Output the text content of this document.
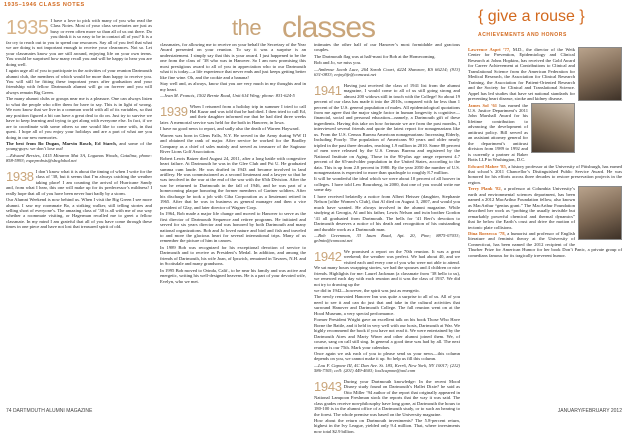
1935–1946 CLASS NOTES
the classes
1935 I have a love to pick with many of you who read the Class Notes. Most of your class secretaries are just as busy or even often more so than all of us out there. Do you think it is so easy to be in contact all of you? It is a far cry to reach out to you to spend our resources. Say all of you feel that what we are doing is not important enough to receive your clearances. Not so. Let your classmates know you are still around, enjoying life on your own terms. You would be surprised how many recall you and will be happy to hear you are doing well.
I again urge all of you to participate in the activities of your reunion Dartmouth alumni club, the members of which would be more than happy to receive you. You will still be fitting these important years after graduation and your friendship with fellow Dartmouth alumni will go on forever and you will always remain Big Green.
The many alumni clubs or groups near me is a pleasure. One can always listen to what the people who offer them for have to say. This is in light of wrong. We now know that we live in a common world with all of its variables, so that any position figured a bit can have a great deal to do on. Just try to survive we have to keep learning and trying to get along with everyone else. In fact, if we are to coordinate with some others so one would like to come with, in that quest. I hope all of you enjoy your holidays and are a part of what are you doing in our new memories.
The best from Bo Dugan, Marvin Rosch, Ed Starch, and some of the young-guys: we don’t lose out!
—Edward Bersies, 1415 Minaron Mat 3A, Loganas Woods, Catalina, phone: 858-5993; espeprobsis@sbcglobal.net
1938 I don’t know what it is about the timing of when I write for the class of ’38, but it seems that I’m always catching the weather taking place! I am counting the arrival of Hurricane Sandy and, from what I hear, this one will make up for its predecessor’s mildness! I really hope that all of you have been never hurt badly by a storm.
Our Alumni Weekend is now behind us. When I visit the Big Green I see more alumni. I saw my roommate Bo, a striking walker, still telling stories and selling short of everyone’s. The amazing class of ’38 is all with me of our way whether a roommate visiting, or Hagerman recalled me to greet a fellow classmate. In my mind I am grateful that all of you have come through these times in one piece and have not lost that treasured spirit of old.
classmates, for allowing me to receive on your behalf the Secretary of the Year Award presented on your reunion. To say it was a surprise is an understatement. I simply say that this is your award. I just happened to be the one from the class of ’38 who was in Hanover. So I am now promising this most prestigious award to all of you in appreciation who to our Dartmouth what it is today—a life experience that never ends and just keeps getting better like fine wine. Oh, and the cookie and a banana!
Stay well and, as always, know that you are very much in my thoughts and in my heart.
—Jean M. Francis, 1502 Bernie Road, Unit 614 Wing; phone: 831-624-5
1939 When I returned from a holiday trip in summer I tried to call Hal Kazar and was told that he had died. I then tried to call Ed, and their daughter informed me that he had died three weeks later. A memorial service was held for the both in Hanover, in Iowa.
I have no good news to report, and sadly also the death of Warren Hayward.
Warren was born in Glens Falls, N.Y. He served in the Army during WW II and obtained the rank of major. After service he worked for the Bradley Company as a chief of sales mainly and served as treasurer of the Saginaw River Lions Golf Association.
Robert Lewis Batzer died August 24, 2011, after a long battle with congestive heart failure. At Dartmouth he was in the Glee Club and Psi U. He graduated summa cum laude. He was drafted in 1943 and became involved in land artillery. He was commissioned as a second lieutenant and a lawyer so that he was involved in the war at the end of the war with the 65th Division. After the war he returned to Dartmouth in the fall of 1946, and he was part of a homecoming plaque honoring the former members of Gartner soldiers. After his discharge he took a job with Ciba Corporation as a lieutenant retired in 1965. After that he was in business as general manager and then a vice president of Glay, and later director of Wagner Corp.
In 1964, Bob made a major life change and moved to Hanover to serve as the first director of Dartmouth Sequence and retiree programs. He initiated and served for six years director and was honored by both Dartmouth and many national organizations. Bob and Jo loved nature and bird and fish and traveled to and more the glacious heart for several international trips. Many of us remember the picture of him in canoes.
In 1989 Bob was recognized for his exceptional devotion of service to Dartmouth and to receive as President’s Medal. In addition, and among the friends of Dartmouth, his wife Joan, of Ipswich, remained in Tavares, N.H. and in Scottsdale and many grandsons.
In 1995 Bob moved to Orinda, Calif., to be near his family and was active and energetic, writing his well-designed heavens. He is a part of your devoted wife, Evelyn, who we met.
intimates the other half of our Hanover’s most formidable and gracious couples.
The Dartmouth flag was at half-mast for Bob at the Homecoming.
Bob and Jo, we miss you.
—Ambrose Jacob Luce, 264 Sarah Court, #224 Shawnee, KS 66214; (913) 631-0833; enjoylife@comcast.net
1941 Having just received the class of 1941 list from the alumni magazine, I would come to all of us still going strong and almost 200 widows still in touch with the College! So about 19 percent of our class has made it into the 2010s, compared with far less than 1 percent of the U.S. general population of males. All epidemiological quotations from me agree that the major single factor in human longevity is cognitive—financial, social and personal education—namely, a Dartmouth gift of these ingredients. Having this take on how fortunate we are from the past months, I interviewed several friends and quote the latest report for nonagenarians like us. From the U.S. Census Bureau American nonagenarians: Increasing Elderly, Including Poorly: The population of Americans 90 years and older nearly tripled in the past three decades, reaching 1.9 million in 2010. Some 88 percent of men were released by the U.S. Census Bureau and registered by the National Institute on Aging. Those in the 90-plus age range represent 4.7 percent of the 65-and-older population in the United States, according to the data. This is up from 2.8 percent in 1980. By the year 2050 the number of U.S. nonagenarians is expected to more than quadruple to roughly 8.7 million.
It will be wonderful the ideal which we were about 10 percent of all hoover in colleges. I have told Lew Bouraberg, in 2000, that one of you would write me some day.
I have received belatedly a notice from Albert Heisser (daughter, Stephanie Nelson [ofthe Women’s Club], that Al died on August 3, 2007, and would you much have wanted. He always involved in the alumni magazine. While studying at Georgia, Al and his father, Lewis Nelson and twin brother Gordon ’41 all graduated from Dartmouth. The bells for ’41 Bert’s devotion to Dartmouth deserves a notice of his death and recognition of his outstanding and durable work as a Dartmouth man.
—Bob Greenman, 33 Iaum Road, Apt. 20, Pine; 8875-07033; gelmin@comcast.net
1942 We promised a report on the 70th reunion. It was a great weekend; the weather was perfect. We had about 40, and we visited each and every one of you who were not able to attend. We sat many hours swapping stories, we had the spouses and 4 children or nice friends. Highlights for me: Laurel Jackman (a classmate from ’38 hello to us), we renewed each day with each reunion and it was the class of 1937. We did not try to drawing up the
we did in 1942—however, the spirit was just as energetic.
The newly renovated Hanover Inn was quite a surprise to all of us. All of you need to see it and can do just that and take in the cultural activities that surround Hanover and Dartmouth College. The fall reunion went on at the Hood Museum, a very special performance.
Former President Wright gave an excellent talk on his book Those Who Have Borne the Battle, and it held in very well with our hosts, Dartmouth at War. We highly recommend the book if you have not read it. We were entertained by the Dartmouth Aires and Marty Winer and other alumni joined them. We, of course, sang on call still sing. In general a good time was had by all. The next reunion is our 75th. Mark your calendars.
Once again we ask each of you to please send us your news—this column depends on you, we cannot make it up. So help us fill this column.
—Lou F. Capone III, 4C Dan Ave. St. 185, Kerr6, New York, NY 10017; (212) 586-7305; cell: (201) 449-4603; lou3capone@aol.com
1943 During your Dartmouth knowledge: In the recent Mood Disney study found on Dartmouth’s Hallet Dixie? he said as Otto Miller ’94 author of the report that originally appeared in National Lampoon Freshman stock the reports that the way it was said. The class grades receive non-philosophy have long gone, at Dartmouth the hours to 180-100 is in the alumni office of a Dartmouth study, or to such an hearing to the forest. The whole premise was based on the University magazine.
How about the return on Dartmouth investments? The 5.8-percent return, highest in the Ivy League, yielded only 9.4 million. That, where investments now total $2.9 billion.
{ give a rouse }
ACHIEVEMENTS AND HONORS
Lawrence Aspri ’77, M.D., the director of the Weik Center for Prevention, Epidemiology and Clinical Research at Johns Hopkins, has received the Gold Award for Career Achievement at Contributions to Clinical and Translational Science from the American Federation for Medical Research, the Association for Clinical Research Training, the Association for Patient-Oriented Research and the Society for Clinical and Translational Science. Appel has led studies that have set national standards for preventing heart disease, stroke and kidney disease.
James Sol ’61 has earned the U.S. Justice Department’s 2011 John Marshall Award for his lifetime contribution to advancing the development of antitrust policy. Bill served as an assistant attorney general for the department’s antitrust division from 1989 to 1992 and is currently a partner at Baker Botts LLP in Washington, D.C.
Edward Mabee ’85, a history professor at the University of Pittsburgh, has earned that school’s 2011 Chancellor’s Distinguished Public Service Award. He was honored for his efforts across three decades to restore preservation projects in the region.
Terry Plank ’82, a professor at Columbia University’s earth and environmental sciences department, has been named a 2012 MacArthur Foundation fellow, also known as MacArthur “genius grant.” The MacArthur Foundation described her work as “probing the usually invisible but remarkably powerful chemical and thermal dynamics” that lie below the Earth’s crust and drive the motion of tectonic plate collisions.
Dina Borzecca ’78, a humorist and professor of English literature and feminist theory at the University of Connecticut, has been named the 2012 recipient of the Thurber Prize for American Humor for her book Don’t Panic, a private group of comedians famous for its tragically irreverent humor.
74 DARTMOUTH ALUMNI MAGAZINE	JANUARY/FEBRUARY 2012
